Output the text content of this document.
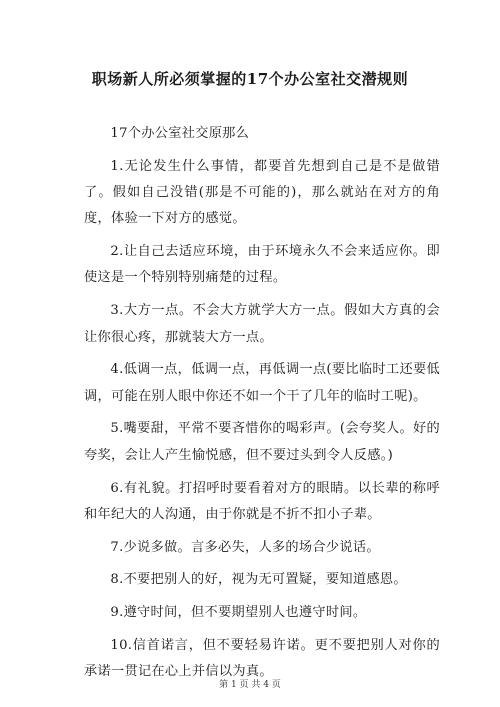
职场新人所必须掌握的17个办公室社交潜规则

17个办公室社交原那么

1.无论发生什么事情，都要首先想到自己是不是做错了。假如自己没错(那是不可能的)，那么就站在对方的角度，体验一下对方的感觉。

2.让自己去适应环境，由于环境永久不会来适应你。即使这是一个特别特别痛楚的过程。

3.大方一点。不会大方就学大方一点。假如大方真的会让你很心疼，那就装大方一点。

4.低调一点，低调一点，再低调一点(要比临时工还要低调，可能在别人眼中你还不如一个干了几年的临时工呢)。

5.嘴要甜，平常不要吝惜你的喝彩声。(会夸奖人。好的夸奖，会让人产生愉悦感，但不要过头到令人反感。)

6.有礼貌。打招呼时要看着对方的眼睛。以长辈的称呼和年纪大的人沟通，由于你就是不折不扣小子辈。

7.少说多做。言多必失，人多的场合少说话。

8.不要把别人的好，视为无可置疑，要知道感恩。

9.遵守时间，但不要期望别人也遵守时间。

10.信首诺言，但不要轻易许诺。更不要把别人对你的承诺一贯记在心上并信以为真。

第 1 页 共 4 页
